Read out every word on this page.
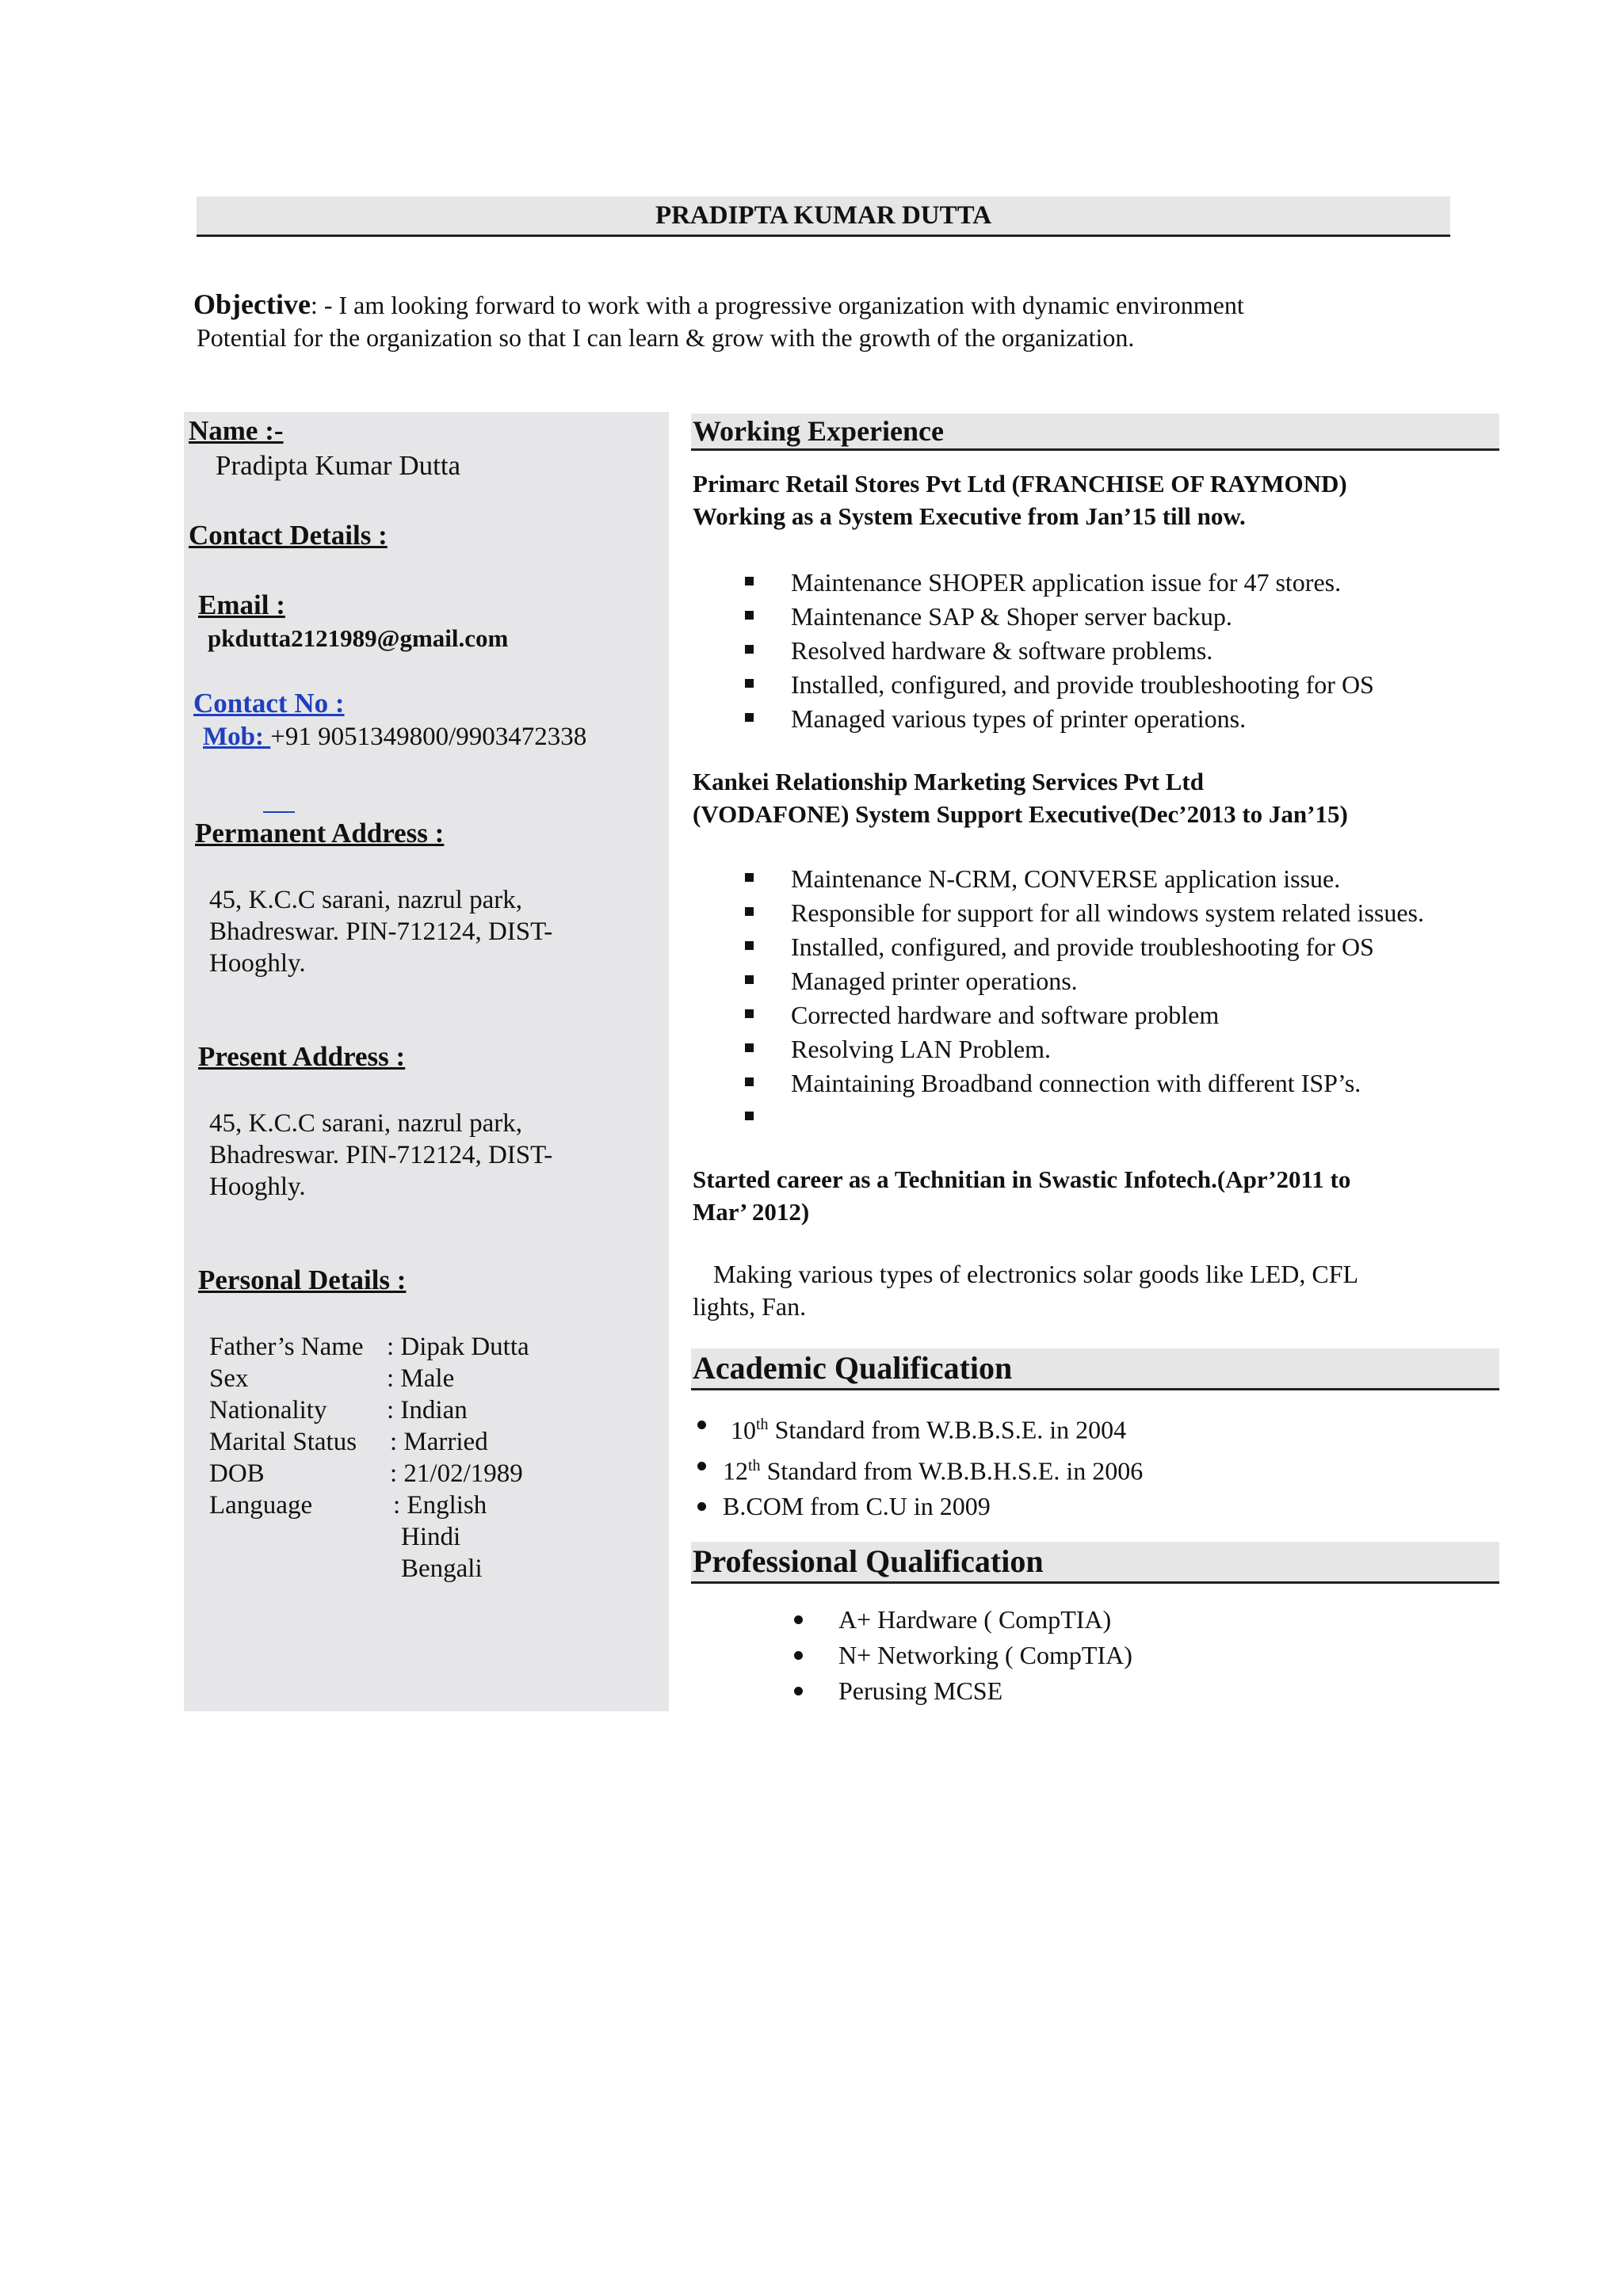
PRADIPTA KUMAR DUTTA
Objective: - I am looking forward to work with a progressive organization with dynamic environment
Potential for the organization so that I can learn & grow with the growth of the organization.
Name :-
Pradipta Kumar Dutta
Contact Details :
Email :
pkdutta2121989@gmail.com
Contact No :
Mob: +91 9051349800/9903472338
Permanent Address :
45, K.C.C sarani, nazrul park,
Bhadreswar. PIN-712124, DIST-
Hooghly.
Present Address :
45, K.C.C sarani, nazrul park,
Bhadreswar. PIN-712124, DIST-
Hooghly.
Personal Details :
Father’s Name : Dipak Dutta
Sex	: Male
Nationality	: Indian
Marital Status	: Married
DOB	: 21/02/1989
Language	: English
Hindi
Bengali
Working Experience
Primarc Retail Stores Pvt Ltd (FRANCHISE OF RAYMOND)
Working as a System Executive from Jan’15 till now.
Maintenance SHOPER application issue for 47 stores.
Maintenance SAP & Shoper server backup.
Resolved hardware & software problems.
Installed, configured, and provide troubleshooting for OS
Managed various types of printer operations.
Kankei Relationship Marketing Services Pvt Ltd
(VODAFONE) System Support Executive(Dec’2013 to Jan’15)
Maintenance N-CRM, CONVERSE application issue.
Responsible for support for all windows system related issues.
Installed, configured, and provide troubleshooting for OS
Managed printer operations.
Corrected hardware and software problem
Resolving LAN Problem.
Maintaining Broadband connection with different ISP’s.
Started career as a Technitian in Swastic Infotech.(Apr’2011 to
Mar’ 2012)
Making various types of electronics solar goods like LED, CFL
lights, Fan.
Academic Qualification
10th Standard from W.B.B.S.E. in 2004
12th Standard from W.B.B.H.S.E. in 2006
B.COM from C.U in 2009
Professional Qualification
A+ Hardware ( CompTIA)
N+ Networking ( CompTIA)
Perusing MCSE
